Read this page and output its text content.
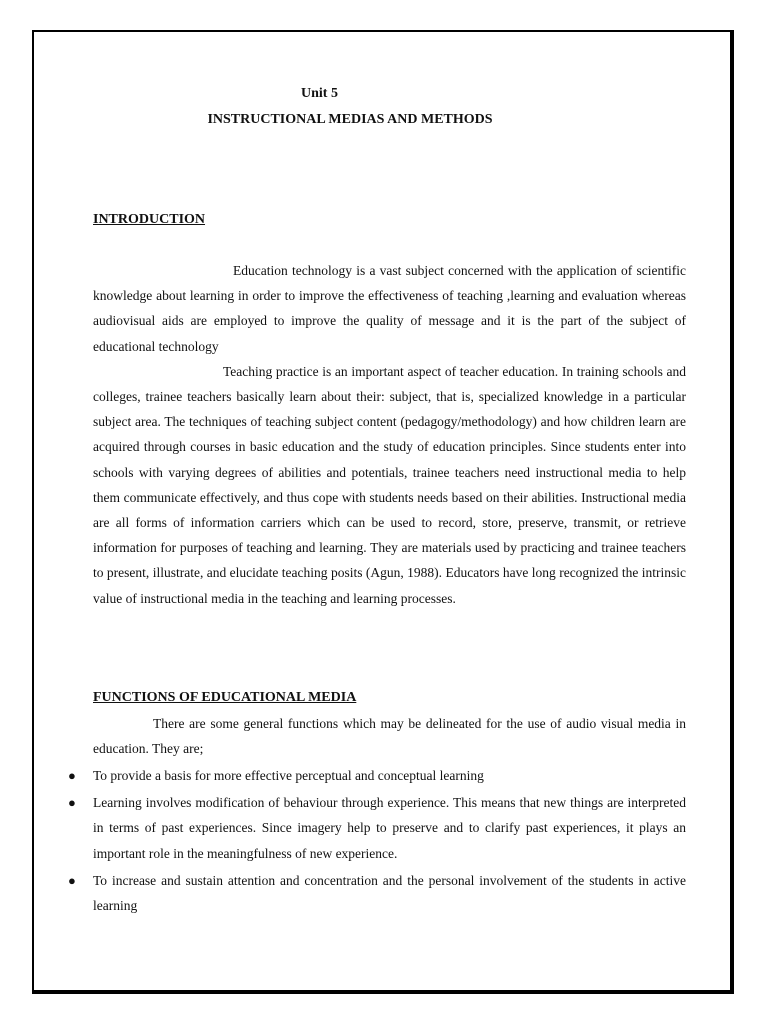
Unit 5
INSTRUCTIONAL MEDIAS AND METHODS
INTRODUCTION

Education technology is a vast subject concerned with the application of scientific knowledge about learning in order to improve the effectiveness of teaching ,learning and evaluation whereas audiovisual aids are employed to improve the quality of message and it is the part of the subject of educational technology

Teaching practice is an important aspect of teacher education. In training schools and colleges, trainee teachers basically learn about their: subject, that is, specialized knowledge in a particular subject area. The techniques of teaching subject content (pedagogy/methodology) and how children learn are acquired through courses in basic education and the study of education principles. Since students enter into schools with varying degrees of abilities and potentials, trainee teachers need instructional media to help them communicate effectively, and thus cope with students needs based on their abilities. Instructional media are all forms of information carriers which can be used to record, store, preserve, transmit, or retrieve information for purposes of teaching and learning. They are materials used by practicing and trainee teachers to present, illustrate, and elucidate teaching posits (Agun, 1988). Educators have long recognized the intrinsic value of instructional media in the teaching and learning processes.

FUNCTIONS OF EDUCATIONAL MEDIA

There are some general functions which may be delineated for the use of audio visual media in education. They are;

● To provide a basis for more effective perceptual and conceptual learning
● Learning involves modification of behaviour through experience. This means that new things are interpreted in terms of past experiences. Since imagery help to preserve and to clarify past experiences, it plays an important role in the meaningfulness of new experience.
● To increase and sustain attention and concentration and the personal involvement of the students in active learning
